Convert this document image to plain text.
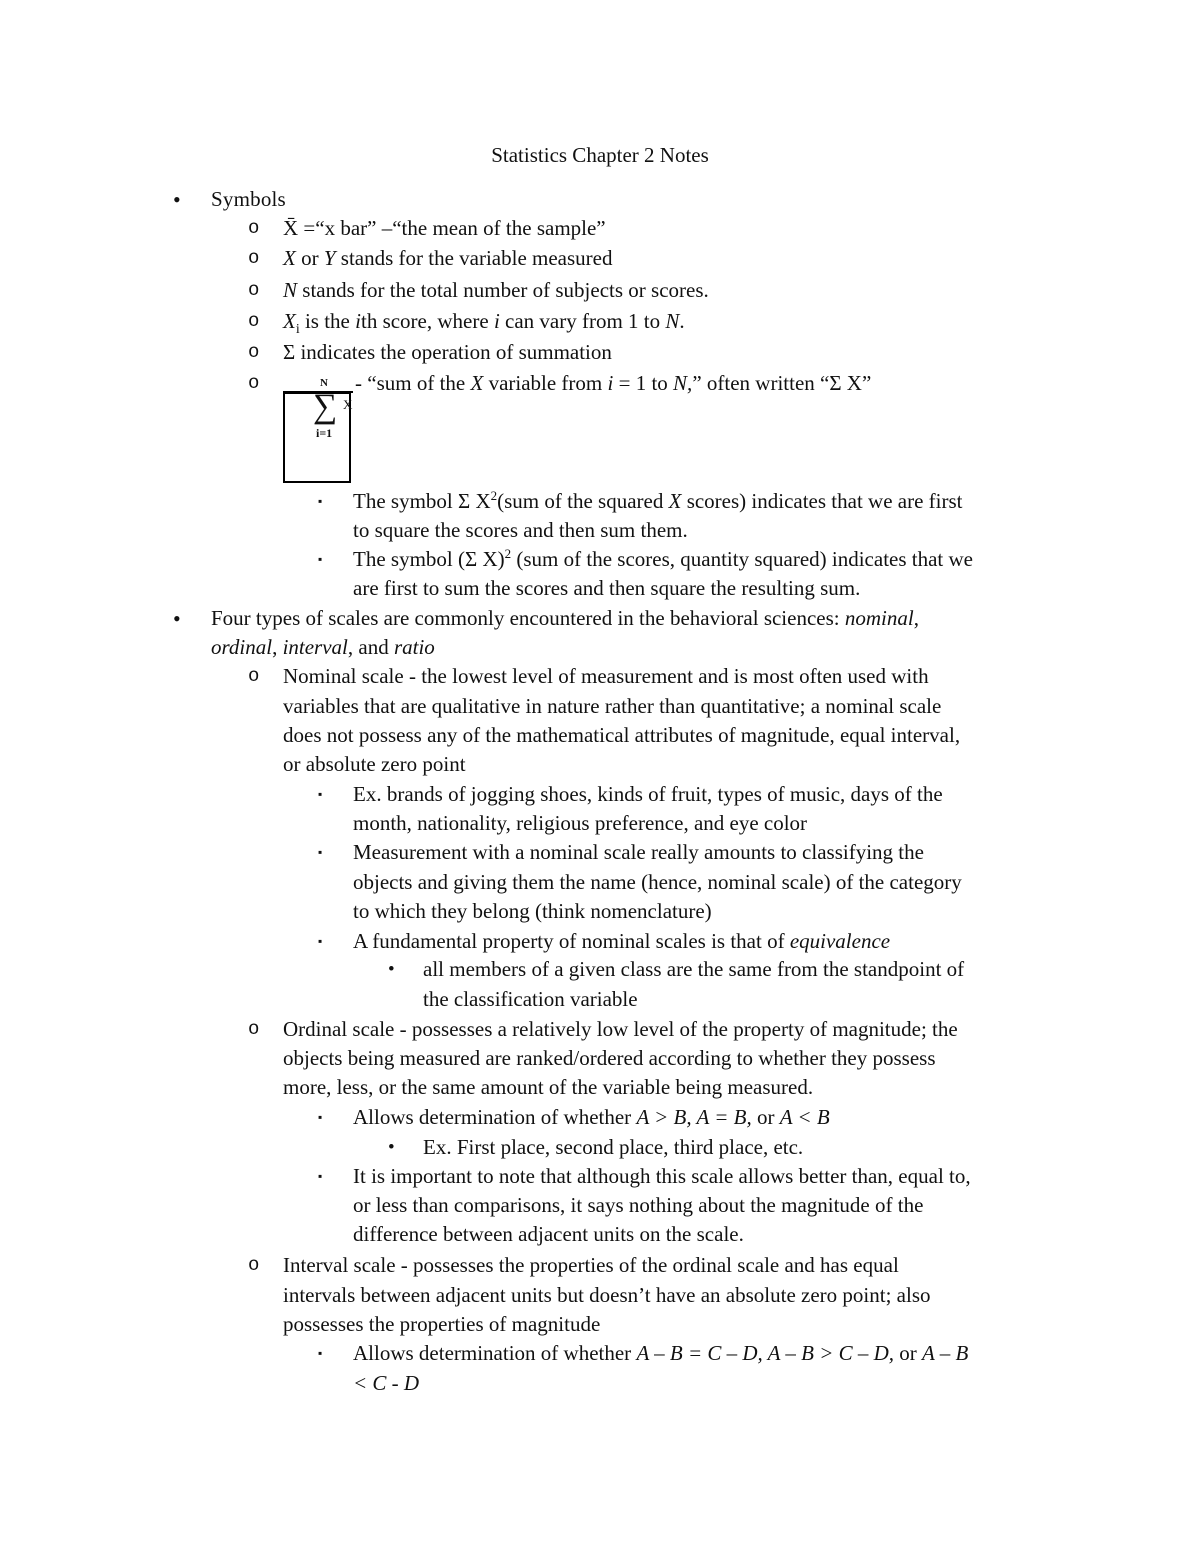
Statistics Chapter 2 Notes
• Symbols
o X̄ =“x bar” –“the mean of the sample”
o X or Y stands for the variable measured
o N stands for the total number of subjects or scores.
o $X_i$ is the ith score, where i can vary from 1 to N.
o Σ indicates the operation of summation
o	- “sum of the X variable from i = 1 to N,” often written “Σ X”
N
∑ X
i=1
▪ The symbol Σ $X^2(sum$ of the squared X scores) indicates that we are first
to square the scores and then sum them.
▪ The symbol (Σ X)$^2$ (sum of the scores, quantity squared) indicates that we
are first to sum the scores and then square the resulting sum.
• Four types of scales are commonly encountered in the behavioral sciences: nominal,
ordinal, interval, and ratio
o Nominal scale - the lowest level of measurement and is most often used with
variables that are qualitative in nature rather than quantitative; a nominal scale
does not possess any of the mathematical attributes of magnitude, equal interval,
or absolute zero point
▪ Ex. brands of jogging shoes, kinds of fruit, types of music, days of the
month, nationality, religious preference, and eye color
▪ Measurement with a nominal scale really amounts to classifying the
objects and giving them the name (hence, nominal scale) of the category
to which they belong (think nomenclature)
▪ A fundamental property of nominal scales is that of equivalence
• all members of a given class are the same from the standpoint of
the classification variable
o Ordinal scale - possesses a relatively low level of the property of magnitude; the
objects being measured are ranked/ordered according to whether they possess
more, less, or the same amount of the variable being measured.
▪ Allows determination of whether A > B, A = B, or A < B
• Ex. First place, second place, third place, etc.
▪ It is important to note that although this scale allows better than, equal to,
or less than comparisons, it says nothing about the magnitude of the
difference between adjacent units on the scale.
o Interval scale - possesses the properties of the ordinal scale and has equal
intervals between adjacent units but doesn’t have an absolute zero point; also
possesses the properties of magnitude
▪ Allows determination of whether A – B = C – D, A – B > C – D, or A – B
< C - D
